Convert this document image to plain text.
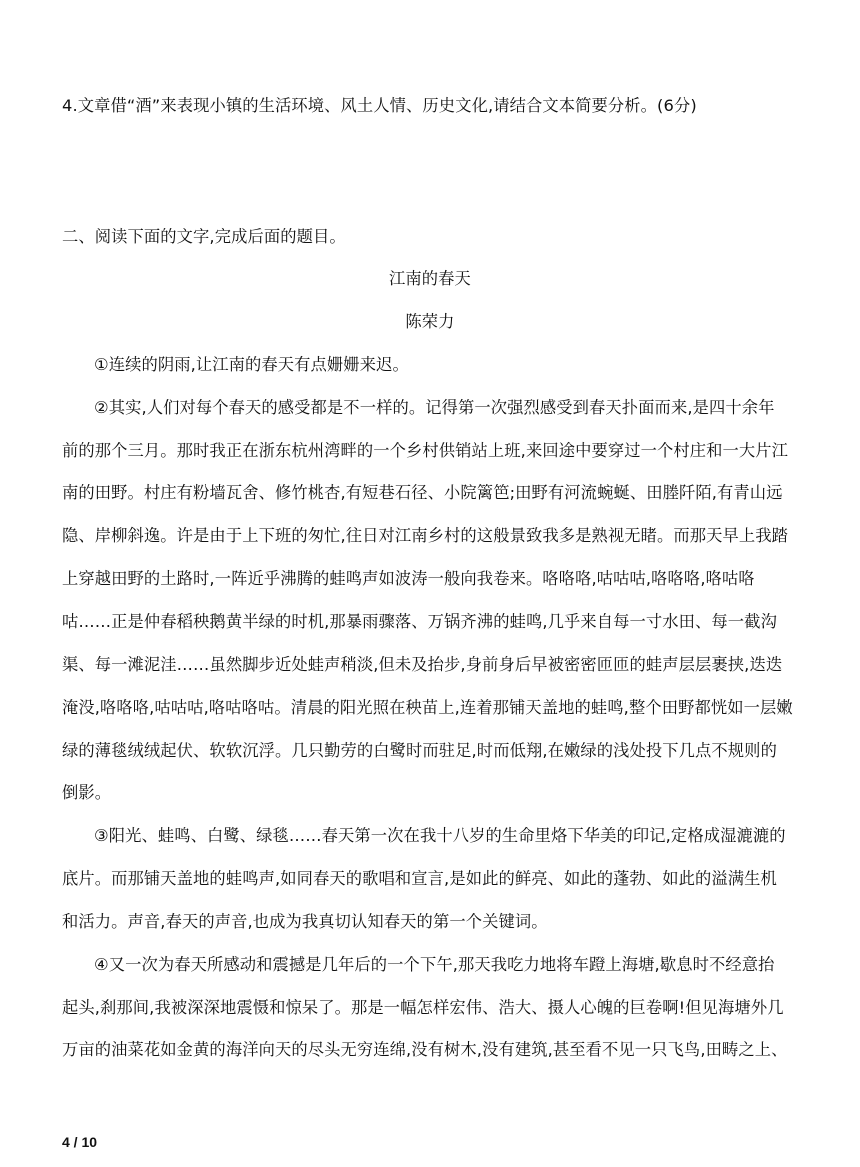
4.文章借“酒”来表现小镇的生活环境、风土人情、历史文化,请结合文本简要分析。(6分)
二、阅读下面的文字,完成后面的题目。
江南的春天
陈荣力
①连续的阴雨,让江南的春天有点姗姗来迟。
②其实,人们对每个春天的感受都是不一样的。记得第一次强烈感受到春天扑面而来,是四十余年
前的那个三月。那时我正在浙东杭州湾畔的一个乡村供销站上班,来回途中要穿过一个村庄和一大片江
南的田野。村庄有粉墙瓦舍、修竹桃杏,有短巷石径、小院篱笆;田野有河流蜿蜒、田塍阡陌,有青山远
隐、岸柳斜逸。许是由于上下班的匆忙,往日对江南乡村的这般景致我多是熟视无睹。而那天早上我踏
上穿越田野的土路时,一阵近乎沸腾的蛙鸣声如波涛一般向我卷来。咯咯咯,咕咕咕,咯咯咯,咯咕咯
咕……正是仲春稻秧鹅黄半绿的时机,那暴雨骤落、万锅齐沸的蛙鸣,几乎来自每一寸水田、每一截沟
渠、每一滩泥洼……虽然脚步近处蛙声稍淡,但未及抬步,身前身后早被密密匝匝的蛙声层层裹挟,迭迭
淹没,咯咯咯,咕咕咕,咯咕咯咕。清晨的阳光照在秧苗上,连着那铺天盖地的蛙鸣,整个田野都恍如一层嫩
绿的薄毯绒绒起伏、软软沉浮。几只勤劳的白鹭时而驻足,时而低翔,在嫩绿的浅处投下几点不规则的
倒影。
③阳光、蛙鸣、白鹭、绿毯……春天第一次在我十八岁的生命里烙下华美的印记,定格成湿漉漉的
底片。而那铺天盖地的蛙鸣声,如同春天的歌唱和宣言,是如此的鲜亮、如此的蓬勃、如此的溢满生机
和活力。声音,春天的声音,也成为我真切认知春天的第一个关键词。
④又一次为春天所感动和震撼是几年后的一个下午,那天我吃力地将车蹬上海塘,歇息时不经意抬
起头,刹那间,我被深深地震慑和惊呆了。那是一幅怎样宏伟、浩大、摄人心魄的巨卷啊!但见海塘外几
万亩的油菜花如金黄的海洋向天的尽头无穷连绵,没有树木,没有建筑,甚至看不见一只飞鸟,田畴之上、
4 / 10
